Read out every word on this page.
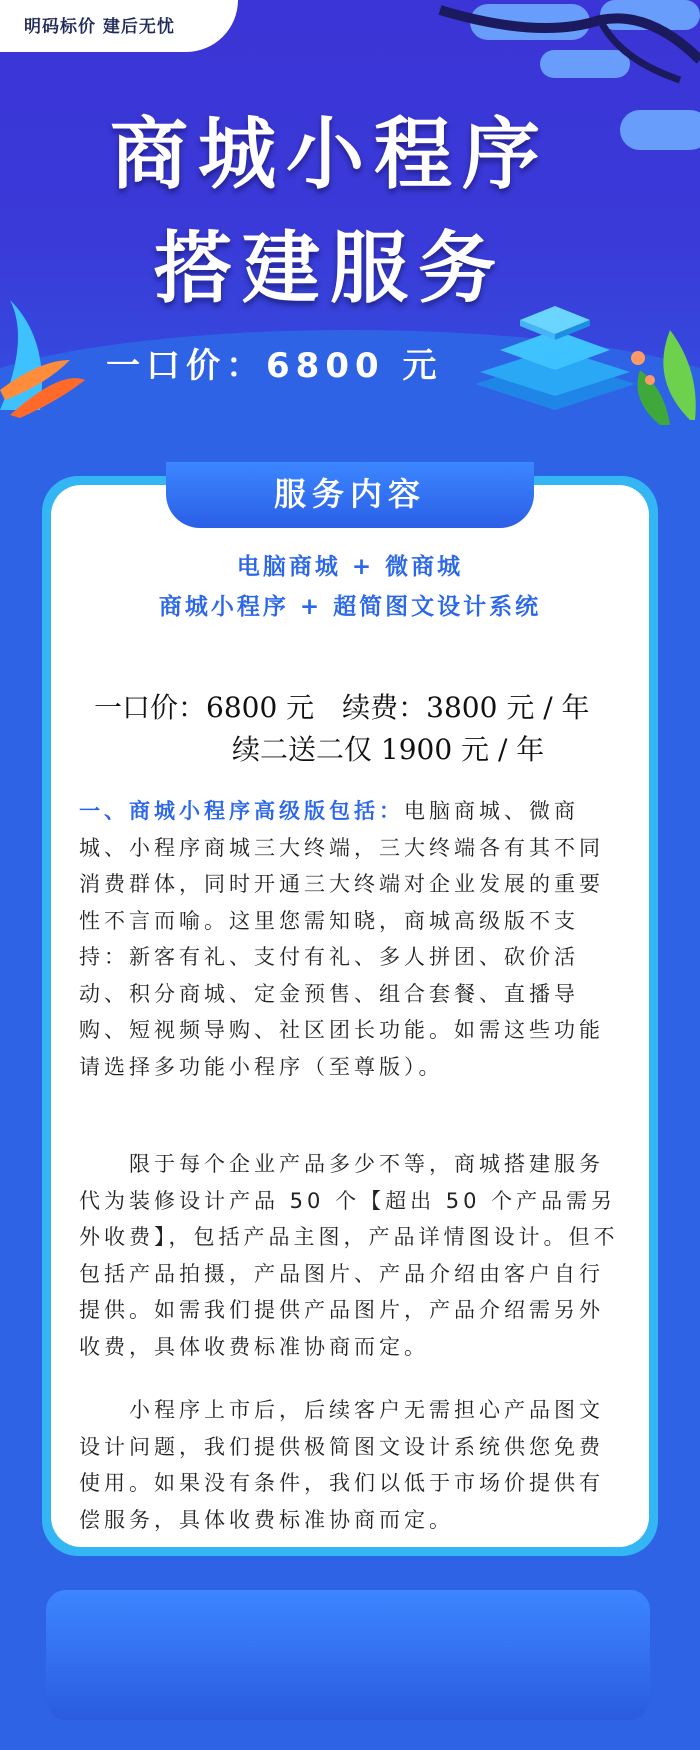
明码标价 建后无忧
商城小程序
搭建服务
一口价：6800 元
服务内容
电脑商城 + 微商城
商城小程序 + 超简图文设计系统
一口价：6800 元　续费：3800 元 / 年
续二送二仅 1900 元 / 年
一、商城小程序高级版包括：电脑商城、微商城、小程序商城三大终端，三大终端各有其不同消费群体，同时开通三大终端对企业发展的重要性不言而喻。这里您需知晓，商城高级版不支持：新客有礼、支付有礼、多人拼团、砍价活动、积分商城、定金预售、组合套餐、直播导购、短视频导购、社区团长功能。如需这些功能请选择多功能小程序（至尊版）。
限于每个企业产品多少不等，商城搭建服务代为装修设计产品 50 个【超出 50 个产品需另外收费】，包括产品主图，产品详情图设计。但不包括产品拍摄，产品图片、产品介绍由客户自行提供。如需我们提供产品图片，产品介绍需另外收费，具体收费标准协商而定。
小程序上市后，后续客户无需担心产品图文设计问题，我们提供极简图文设计系统供您免费使用。如果没有条件，我们以低于市场价提供有偿服务，具体收费标准协商而定。
